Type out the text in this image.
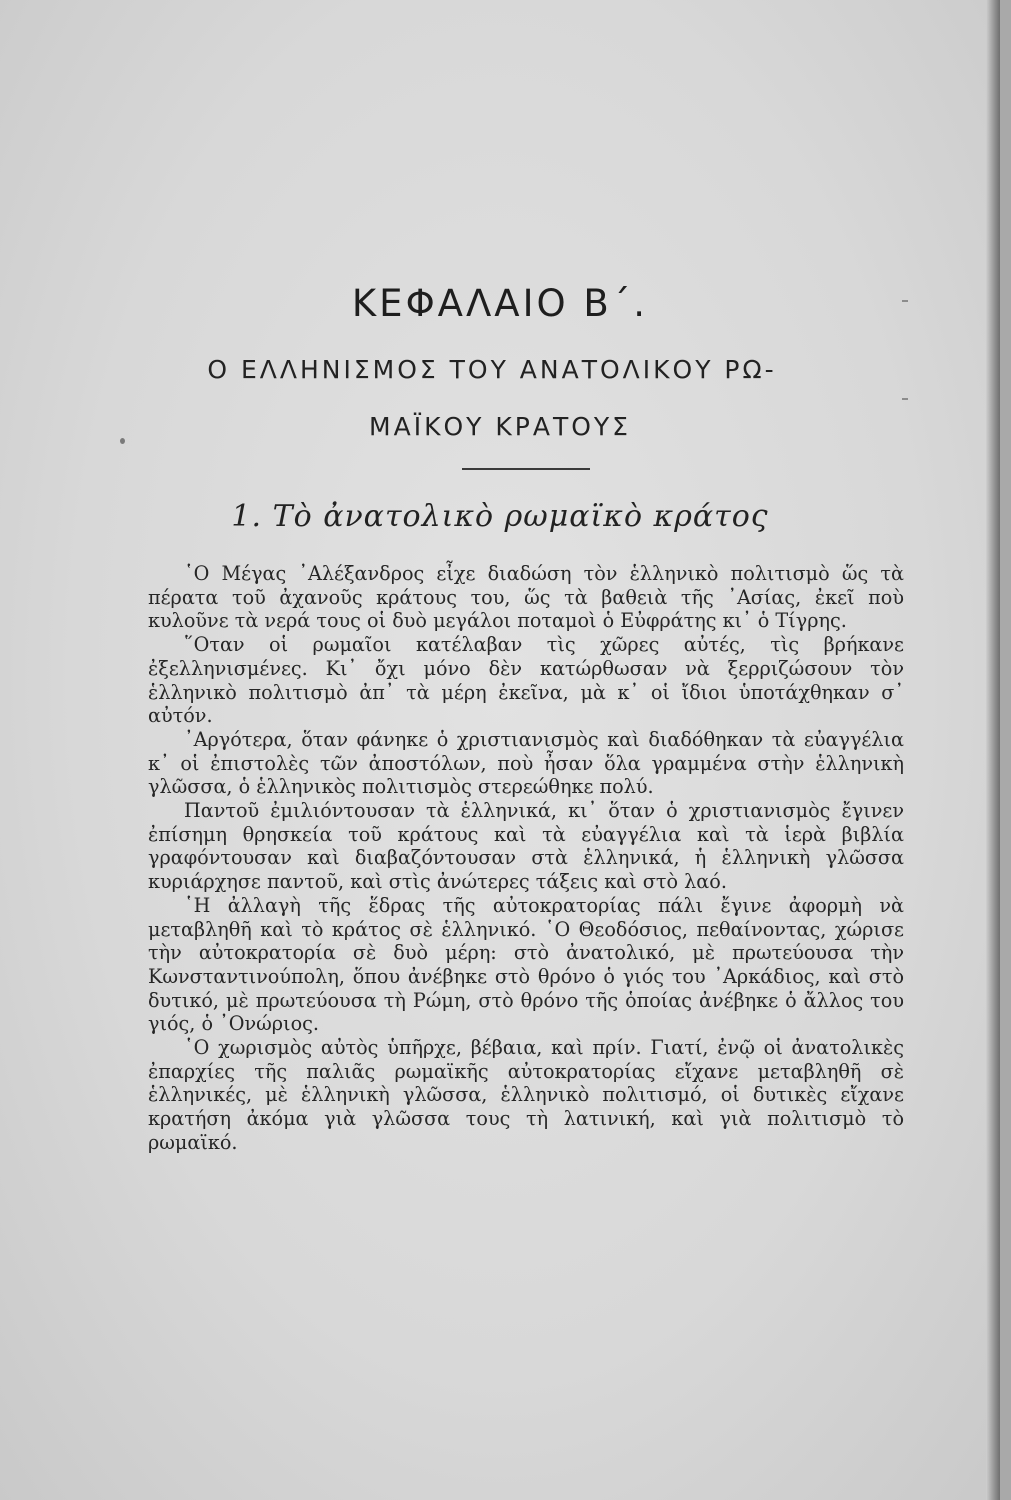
ΚΕΦΑΛΑΙΟ Β΄.
Ο ΕΛΛΗΝΙΣΜΟΣ ΤΟΥ ΑΝΑΤΟΛΙΚΟΥ ΡΩ-
ΜΑΪΚΟΥ ΚΡΑΤΟΥΣ
1. Τὸ ἀνατολικὸ ρωμαϊκὸ κράτος

῾Ο Μέγας ᾿Αλέξανδρος εἶχε διαδώση τὸν ἑλληνικὸ πολιτισμὸ ὥς τὰ πέρατα τοῦ ἀχανοῦς κράτους του, ὥς τὰ βαθειὰ τῆς ᾿Ασίας, ἐκεῖ ποὺ κυλοῦνε τὰ νερά τους οἱ δυὸ μεγάλοι ποταμοὶ ὁ Εὐφράτης κι᾿ ὁ Τίγρης.

῞Οταν οἱ ρωμαῖοι κατέλαβαν τὶς χῶρες αὐτές, τὶς βρήκανε ἐξελληνισμένες. Κι᾿ ὄχι μόνο δὲν κατώρθωσαν νὰ ξερριζώσουν τὸν ἑλληνικὸ πολιτισμὸ ἀπ᾿ τὰ μέρη ἐκεῖνα, μὰ κ᾿ οἱ ἴδιοι ὑποτάχθηκαν σ᾿ αὐτόν.

᾿Αργότερα, ὅταν φάνηκε ὁ χριστιανισμὸς καὶ διαδόθηκαν τὰ εὐαγγέλια κ᾿ οἱ ἐπιστολὲς τῶν ἀποστόλων, ποὺ ἦσαν ὅλα γραμμένα στὴν ἑλληνικὴ γλῶσσα, ὁ ἑλληνικὸς πολιτισμὸς στερεώθηκε πολύ.

Παντοῦ ἐμιλιόντουσαν τὰ ἑλληνικά, κι᾿ ὅταν ὁ χριστιανισμὸς ἔγινεν ἐπίσημη θρησκεία τοῦ κράτους καὶ τὰ εὐαγγέλια καὶ τὰ ἱερὰ βιβλία γραφόντουσαν καὶ διαβαζόντουσαν στὰ ἑλληνικά, ἡ ἑλληνικὴ γλῶσσα κυριάρχησε παντοῦ, καὶ στὶς ἀνώτερες τάξεις καὶ στὸ λαό.

῾Η ἀλλαγὴ τῆς ἕδρας τῆς αὐτοκρατορίας πάλι ἔγινε ἀφορμὴ νὰ μεταβληθῆ καὶ τὸ κράτος σὲ ἑλληνικό. ῾Ο Θεοδόσιος, πεθαίνοντας, χώρισε τὴν αὐτοκρατορία σὲ δυὸ μέρη: στὸ ἀνατολικό, μὲ πρωτεύουσα τὴν Κωνσταντινούπολη, ὅπου ἀνέβηκε στὸ θρόνο ὁ γιός του ᾿Αρκάδιος, καὶ στὸ δυτικό, μὲ πρωτεύουσα τὴ Ρώμη, στὸ θρόνο τῆς ὁποίας ἀνέβηκε ὁ ἄλλος του γιός, ὁ ᾿Ονώριος.

῾Ο χωρισμὸς αὐτὸς ὑπῆρχε, βέβαια, καὶ πρίν. Γιατί, ἐνῷ οἱ ἀνατολικὲς ἐπαρχίες τῆς παλιᾶς ρωμαϊκῆς αὐτοκρατορίας εἴχανε μεταβληθῆ σὲ ἑλληνικές, μὲ ἑλληνικὴ γλῶσσα, ἑλληνικὸ πολιτισμό, οἱ δυτικὲς εἴχανε κρατήση ἀκόμα γιὰ γλῶσσα τους τὴ λατινική, καὶ γιὰ πολιτισμὸ τὸ ρωμαϊκό.
